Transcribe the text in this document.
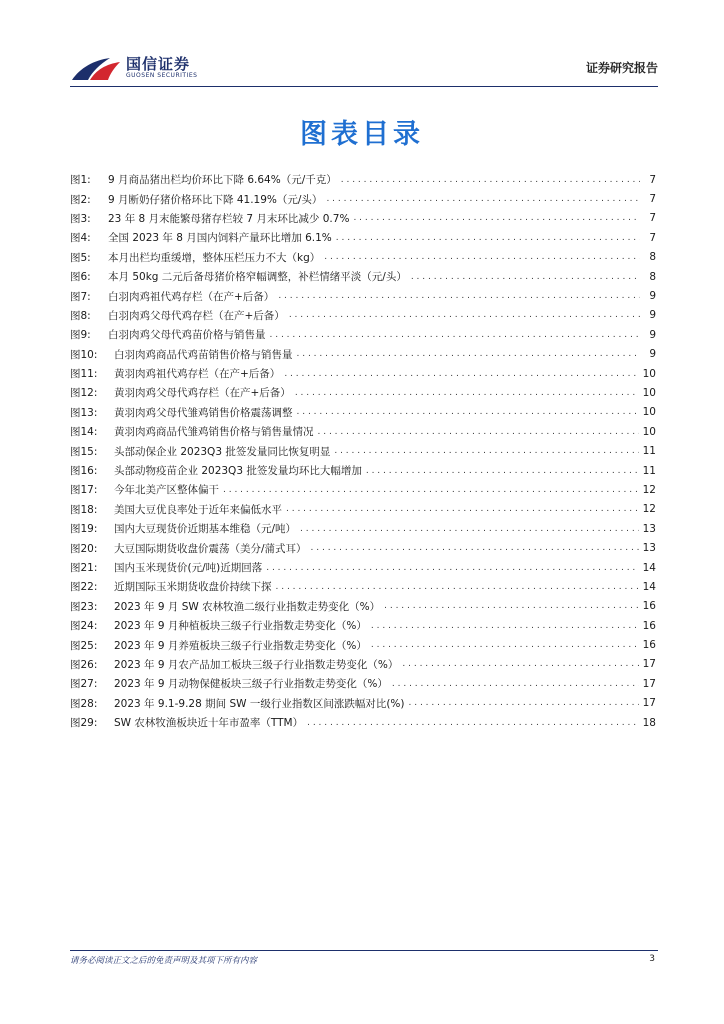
国信证券
GUOSEN SECURITIES
证券研究报告
图表目录
图1:	9 月商品猪出栏均价环比下降 6.64%（元/千克） . . .	7
图2:	9 月断奶仔猪价格环比下降 41.19%（元/头） . . .	7
图3:	23 年 8 月末能繁母猪存栏较 7 月末环比减少 0.7% . . .	7
图4:	全国 2023 年 8 月国内饲料产量环比增加 6.1% . . .	7
图5:	本月出栏均重缓增，整体压栏压力不大（kg） . . .	8
图6:	本月 50kg 二元后备母猪价格窄幅调整，补栏情绪平淡（元/头） . . .	8
图7:	白羽肉鸡祖代鸡存栏（在产+后备） . . .	9
图8:	白羽肉鸡父母代鸡存栏（在产+后备） . . .	9
图9:	白羽肉鸡父母代鸡苗价格与销售量 . . .	9
图10:	白羽肉鸡商品代鸡苗销售价格与销售量 . . .	9
图11:	黄羽肉鸡祖代鸡存栏（在产+后备） . . .	10
图12:	黄羽肉鸡父母代鸡存栏（在产+后备） . . .	10
图13:	黄羽肉鸡父母代雏鸡销售价格震荡调整 . . .	10
图14:	黄羽肉鸡商品代雏鸡销售价格与销售量情况 . . .	10
图15:	头部动保企业 2023Q3 批签发量同比恢复明显 . . .	11
图16:	头部动物疫苗企业 2023Q3 批签发量均环比大幅增加 . . .	11
图17:	今年北美产区整体偏干 . . .	12
图18:	美国大豆优良率处于近年来偏低水平 . . .	12
图19:	国内大豆现货价近期基本维稳（元/吨） . . .	13
图20:	大豆国际期货收盘价震荡（美分/蒲式耳） . . .	13
图21:	国内玉米现货价(元/吨)近期回落 . . .	14
图22:	近期国际玉米期货收盘价持续下探 . . .	14
图23:	2023 年 9 月 SW 农林牧渔二级行业指数走势变化（%） . . .	16
图24:	2023 年 9 月种植板块三级子行业指数走势变化（%） . . .	16
图25:	2023 年 9 月养殖板块三级子行业指数走势变化（%） . . .	16
图26:	2023 年 9 月农产品加工板块三级子行业指数走势变化（%） . . .	17
图27:	2023 年 9 月动物保健板块三级子行业指数走势变化（%） . . .	17
图28:	2023 年 9.1-9.28 期间 SW 一级行业指数区间涨跌幅对比(%) . . .	17
图29:	SW 农林牧渔板块近十年市盈率（TTM） . . .	18
请务必阅读正文之后的免责声明及其项下所有内容	3
